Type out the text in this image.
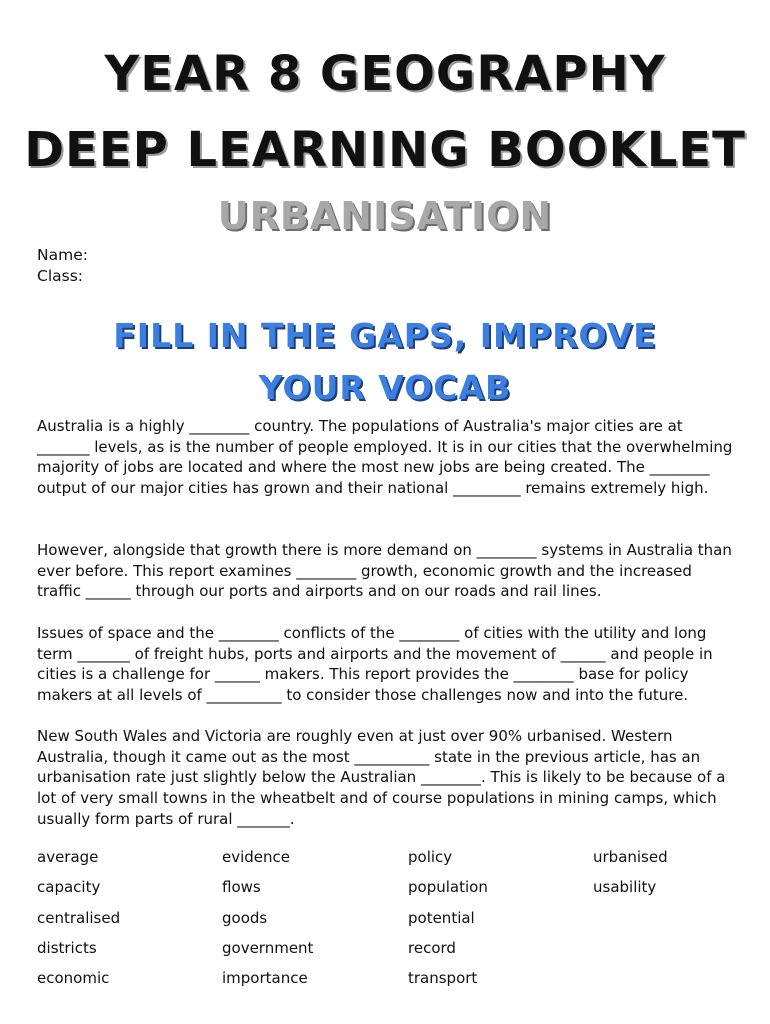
YEAR 8 GEOGRAPHY
DEEP LEARNING BOOKLET
URBANISATION
Name:
Class:
FILL IN THE GAPS, IMPROVE YOUR VOCAB

Australia is a highly ________ country. The populations of Australia's major cities are at _______ levels, as is the number of people employed. It is in our cities that the overwhelming majority of jobs are located and where the most new jobs are being created. The ________ output of our major cities has grown and their national _________ remains extremely high.

However, alongside that growth there is more demand on ________ systems in Australia than ever before. This report examines ________ growth, economic growth and the increased traffic ______ through our ports and airports and on our roads and rail lines.

Issues of space and the ________ conflicts of the ________ of cities with the utility and long term _______ of freight hubs, ports and airports and the movement of ______ and people in cities is a challenge for ______ makers. This report provides the ________ base for policy makers at all levels of __________ to consider those challenges now and into the future.

New South Wales and Victoria are roughly even at just over 90% urbanised. Western Australia, though it came out as the most __________ state in the previous article, has an urbanisation rate just slightly below the Australian ________. This is likely to be because of a lot of very small towns in the wheatbelt and of course populations in mining camps, which usually form parts of rural _______.

average
capacity
centralised
districts
economic
evidence
flows
goods
government
importance
policy
population
potential
record
transport
urbanised
usability
